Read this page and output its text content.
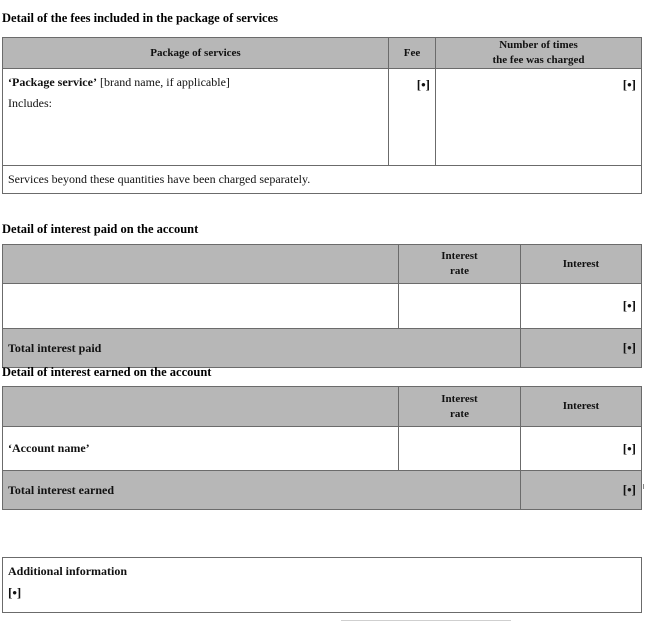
Detail of the fees included in the package of services
Package of services	Fee	Number of times
the fee was charged

‘Package service’ [brand name, if applicable]
Includes:	[•]	[•]
Services beyond these quantities have been charged separately.		
Detail of interest paid on the account

	Interest
rate	Interest
		[•]
Total interest paid		[•]
Detail of interest earned on the account

	Interest
rate	Interest
‘Account name’		[•]
Total interest earned		[•]
Additional information
[•]
